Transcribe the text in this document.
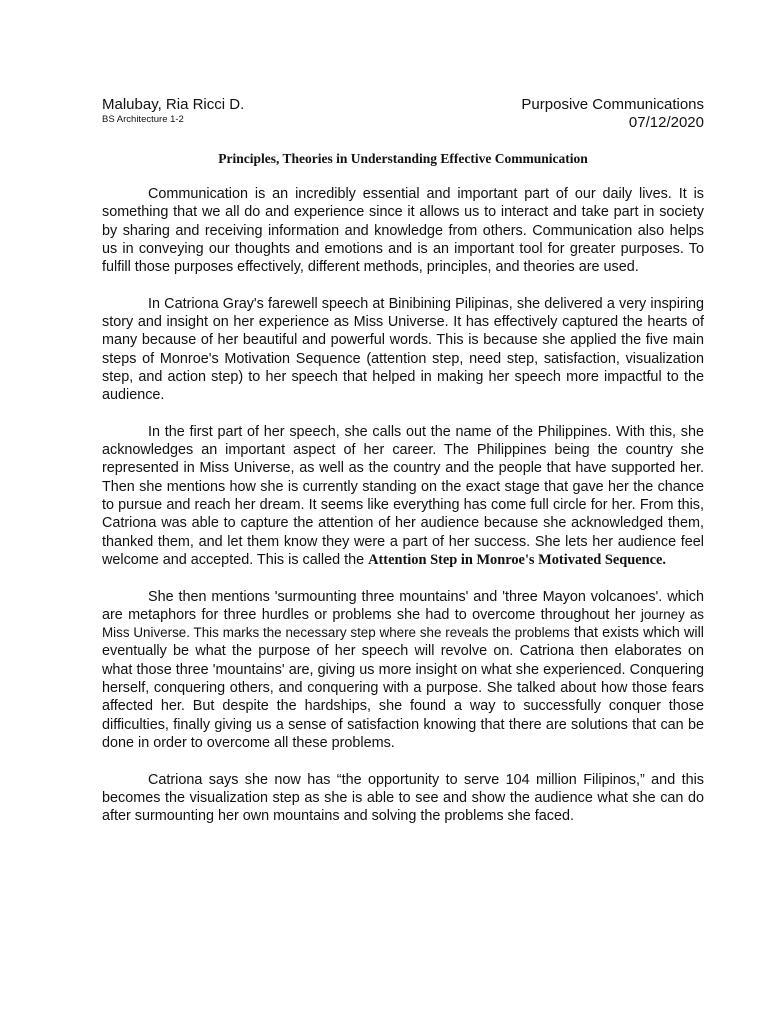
Malubay, Ria Ricci D.
BS Architecture 1-2
Purposive Communications
07/12/2020
Principles, Theories in Understanding Effective Communication

Communication is an incredibly essential and important part of our daily lives. It is something that we all do and experience since it allows us to interact and take part in society by sharing and receiving information and knowledge from others. Communication also helps us in conveying our thoughts and emotions and is an important tool for greater purposes. To fulfill those purposes effectively, different methods, principles, and theories are used.

In Catriona Gray's farewell speech at Binibining Pilipinas, she delivered a very inspiring story and insight on her experience as Miss Universe. It has effectively captured the hearts of many because of her beautiful and powerful words. This is because she applied the five main steps of Monroe's Motivation Sequence (attention step, need step, satisfaction, visualization step, and action step) to her speech that helped in making her speech more impactful to the audience.

In the first part of her speech, she calls out the name of the Philippines. With this, she acknowledges an important aspect of her career. The Philippines being the country she represented in Miss Universe, as well as the country and the people that have supported her. Then she mentions how she is currently standing on the exact stage that gave her the chance to pursue and reach her dream. It seems like everything has come full circle for her. From this, Catriona was able to capture the attention of her audience because she acknowledged them, thanked them, and let them know they were a part of her success. She lets her audience feel welcome and accepted. This is called the Attention Step in Monroe's Motivated Sequence.

She then mentions 'surmounting three mountains' and 'three Mayon volcanoes'. which are metaphors for three hurdles or problems she had to overcome throughout her journey as Miss Universe. This marks the necessary step where she reveals the problems that exists which will eventually be what the purpose of her speech will revolve on. Catriona then elaborates on what those three 'mountains' are, giving us more insight on what she experienced. Conquering herself, conquering others, and conquering with a purpose. She talked about how those fears affected her. But despite the hardships, she found a way to successfully conquer those difficulties, finally giving us a sense of satisfaction knowing that there are solutions that can be done in order to overcome all these problems.

Catriona says she now has “the opportunity to serve 104 million Filipinos,” and this becomes the visualization step as she is able to see and show the audience what she can do after surmounting her own mountains and solving the problems she faced.
